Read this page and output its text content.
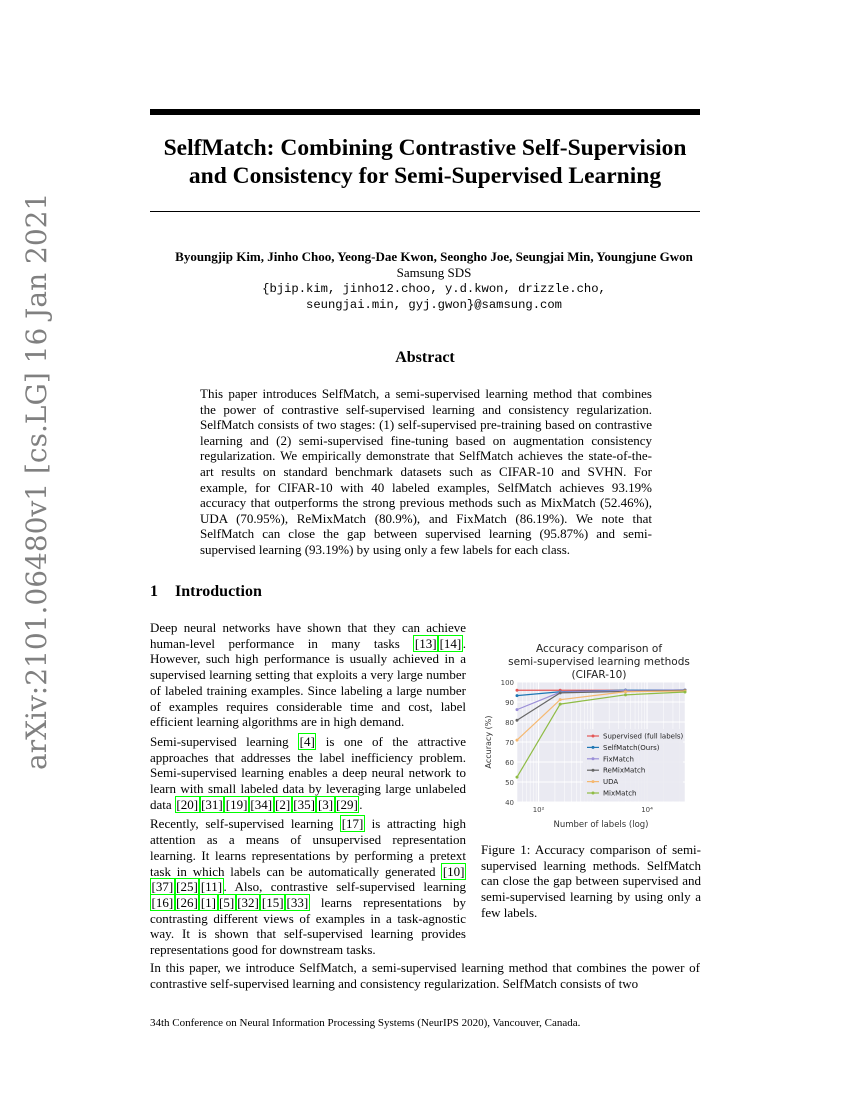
arXiv:2101.06480v1 [cs.LG] 16 Jan 2021
SelfMatch: Combining Contrastive Self-Supervision
and Consistency for Semi-Supervised Learning
Byoungjip Kim, Jinho Choo, Yeong-Dae Kwon, Seongho Joe, Seungjai Min, Youngjune Gwon
Samsung SDS
{bjip.kim, jinho12.choo, y.d.kwon, drizzle.cho,
seungjai.min, gyj.gwon}@samsung.com
Abstract
This paper introduces SelfMatch, a semi-supervised learning method that combines the power of contrastive self-supervised learning and consistency regularization. SelfMatch consists of two stages: (1) self-supervised pre-training based on contrastive learning and (2) semi-supervised fine-tuning based on augmentation consistency regularization. We empirically demonstrate that SelfMatch achieves the state-of-the-art results on standard benchmark datasets such as CIFAR-10 and SVHN. For example, for CIFAR-10 with 40 labeled examples, SelfMatch achieves 93.19% accuracy that outperforms the strong previous methods such as MixMatch (52.46%), UDA (70.95%), ReMixMatch (80.9%), and FixMatch (86.19%). We note that SelfMatch can close the gap between supervised learning (95.87%) and semi-supervised learning (93.19%) by using only a few labels for each class.
1 Introduction

Deep neural networks have shown that they can achieve human-level performance in many tasks [13] [14] . However, such high performance is usually achieved in a supervised learning setting that exploits a very large number of labeled training examples. Since labeling a large number of examples requires considerable time and cost, label efficient learning algorithms are in high demand.

Semi-supervised learning [4] is one of the attractive approaches that addresses the label inefficiency problem. Semi-supervised learning enables a deep neural network to learn with small labeled data by leveraging large unlabeled data [20] [31] [19] [34] [2] [35] [3] [29] .

Recently, self-supervised learning [17] is attracting high attention as a means of unsupervised representation learning. It learns representations by performing a pretext task in which labels can be automatically generated [10][37] [25] [11] . Also, contrastive self-supervised learning [16] [26] [1] [5] [32] [15] [33] learns representations by contrasting different views of examples in a task-agnostic way. It is shown that self-supervised learning provides representations good for downstream tasks.

Accuracy comparison of
semi-supervised learning methods
(CIFAR-10)
40
50
60
70
80
90
100
10²	10⁴
Supervised (full labels)
SelfMatch(Ours)
FixMatch
ReMixMatch
UDA
MixMatch
Number of labels (log)
Accuracy (%)
Figure 1: Accuracy comparison of semi-supervised learning methods. SelfMatch can close the gap between supervised and semi-supervised learning by using only a few labels.
In this paper, we introduce SelfMatch, a semi-supervised learning method that combines the power of contrastive self-supervised learning and consistency regularization. SelfMatch consists of two
34th Conference on Neural Information Processing Systems (NeurIPS 2020), Vancouver, Canada.
